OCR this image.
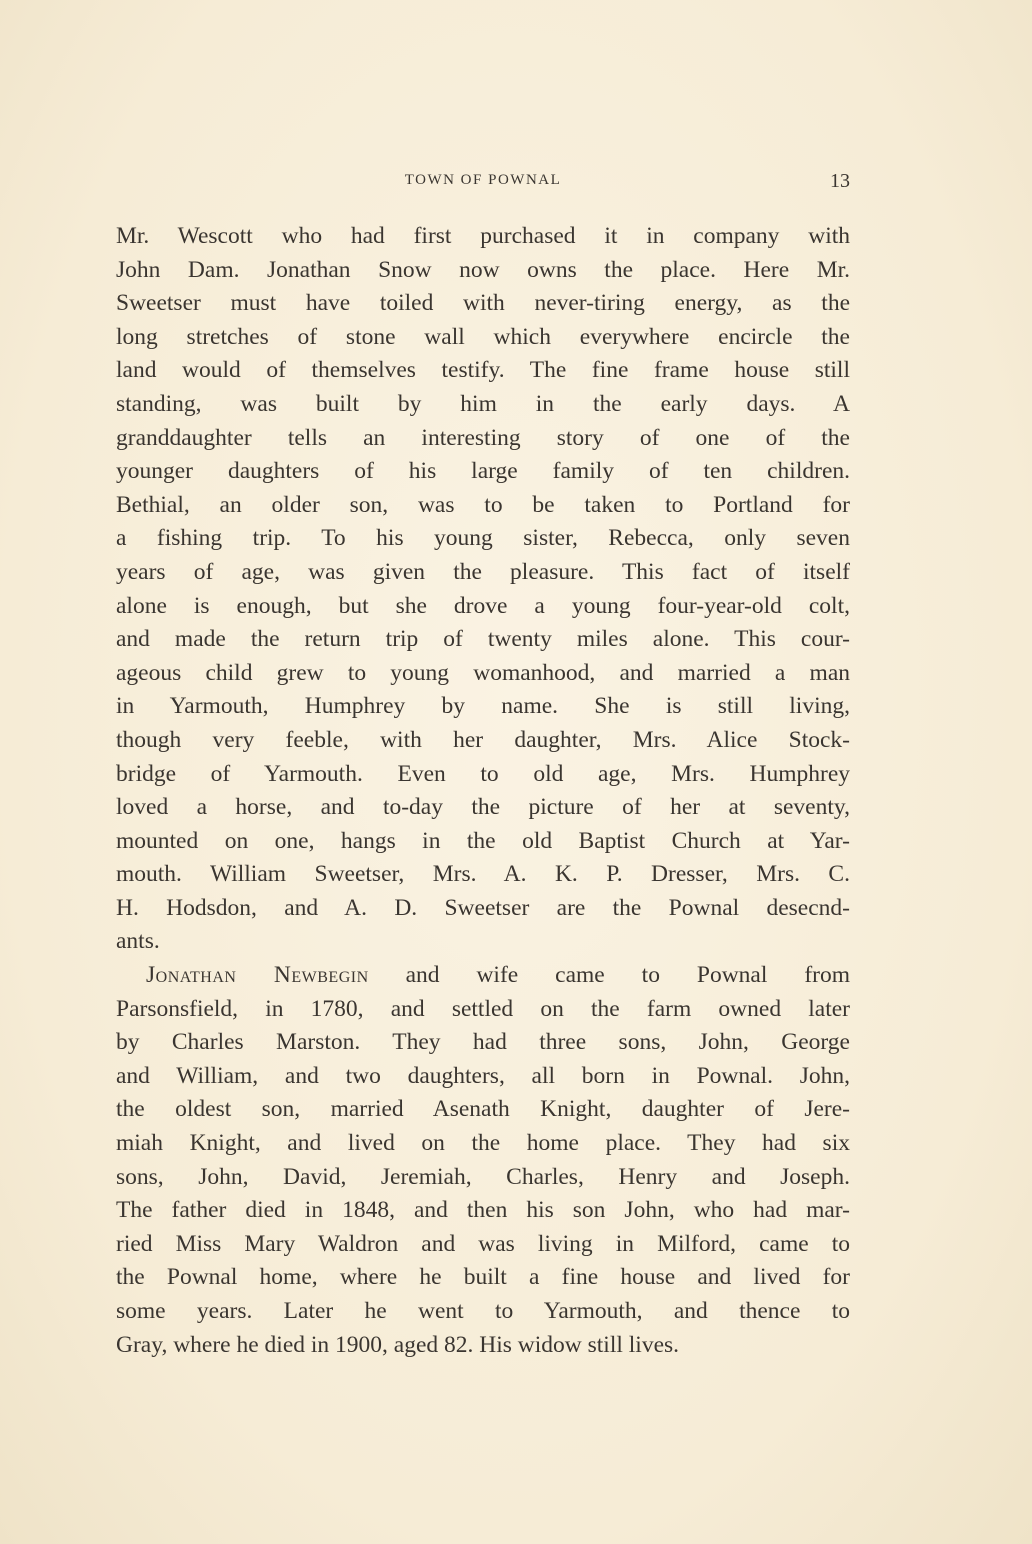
TOWN OF POWNAL	13
Mr. Wescott who had first purchased it in company with
John Dam. Jonathan Snow now owns the place. Here Mr.
Sweetser must have toiled with never-tiring energy, as the
long stretches of stone wall which everywhere encircle the
land would of themselves testify. The fine frame house still
standing, was built by him in the early days. A
granddaughter tells an interesting story of one of the
younger daughters of his large family of ten children.
Bethial, an older son, was to be taken to Portland for
a fishing trip. To his young sister, Rebecca, only seven
years of age, was given the pleasure. This fact of itself
alone is enough, but she drove a young four-year-old colt,
and made the return trip of twenty miles alone. This cour-
ageous child grew to young womanhood, and married a man
in Yarmouth, Humphrey by name. She is still living,
though very feeble, with her daughter, Mrs. Alice Stock-
bridge of Yarmouth. Even to old age, Mrs. Humphrey
loved a horse, and to-day the picture of her at seventy,
mounted on one, hangs in the old Baptist Church at Yar-
mouth. William Sweetser, Mrs. A. K. P. Dresser, Mrs. C.
H. Hodsdon, and A. D. Sweetser are the Pownal desecnd-
ants.
Jonathan Newbegin and wife came to Pownal from
Parsonsfield, in 1780, and settled on the farm owned later
by Charles Marston. They had three sons, John, George
and William, and two daughters, all born in Pownal. John,
the oldest son, married Asenath Knight, daughter of Jere-
miah Knight, and lived on the home place. They had six
sons, John, David, Jeremiah, Charles, Henry and Joseph.
The father died in 1848, and then his son John, who had mar-
ried Miss Mary Waldron and was living in Milford, came to
the Pownal home, where he built a fine house and lived for
some years. Later he went to Yarmouth, and thence to
Gray, where he died in 1900, aged 82. His widow still lives.
